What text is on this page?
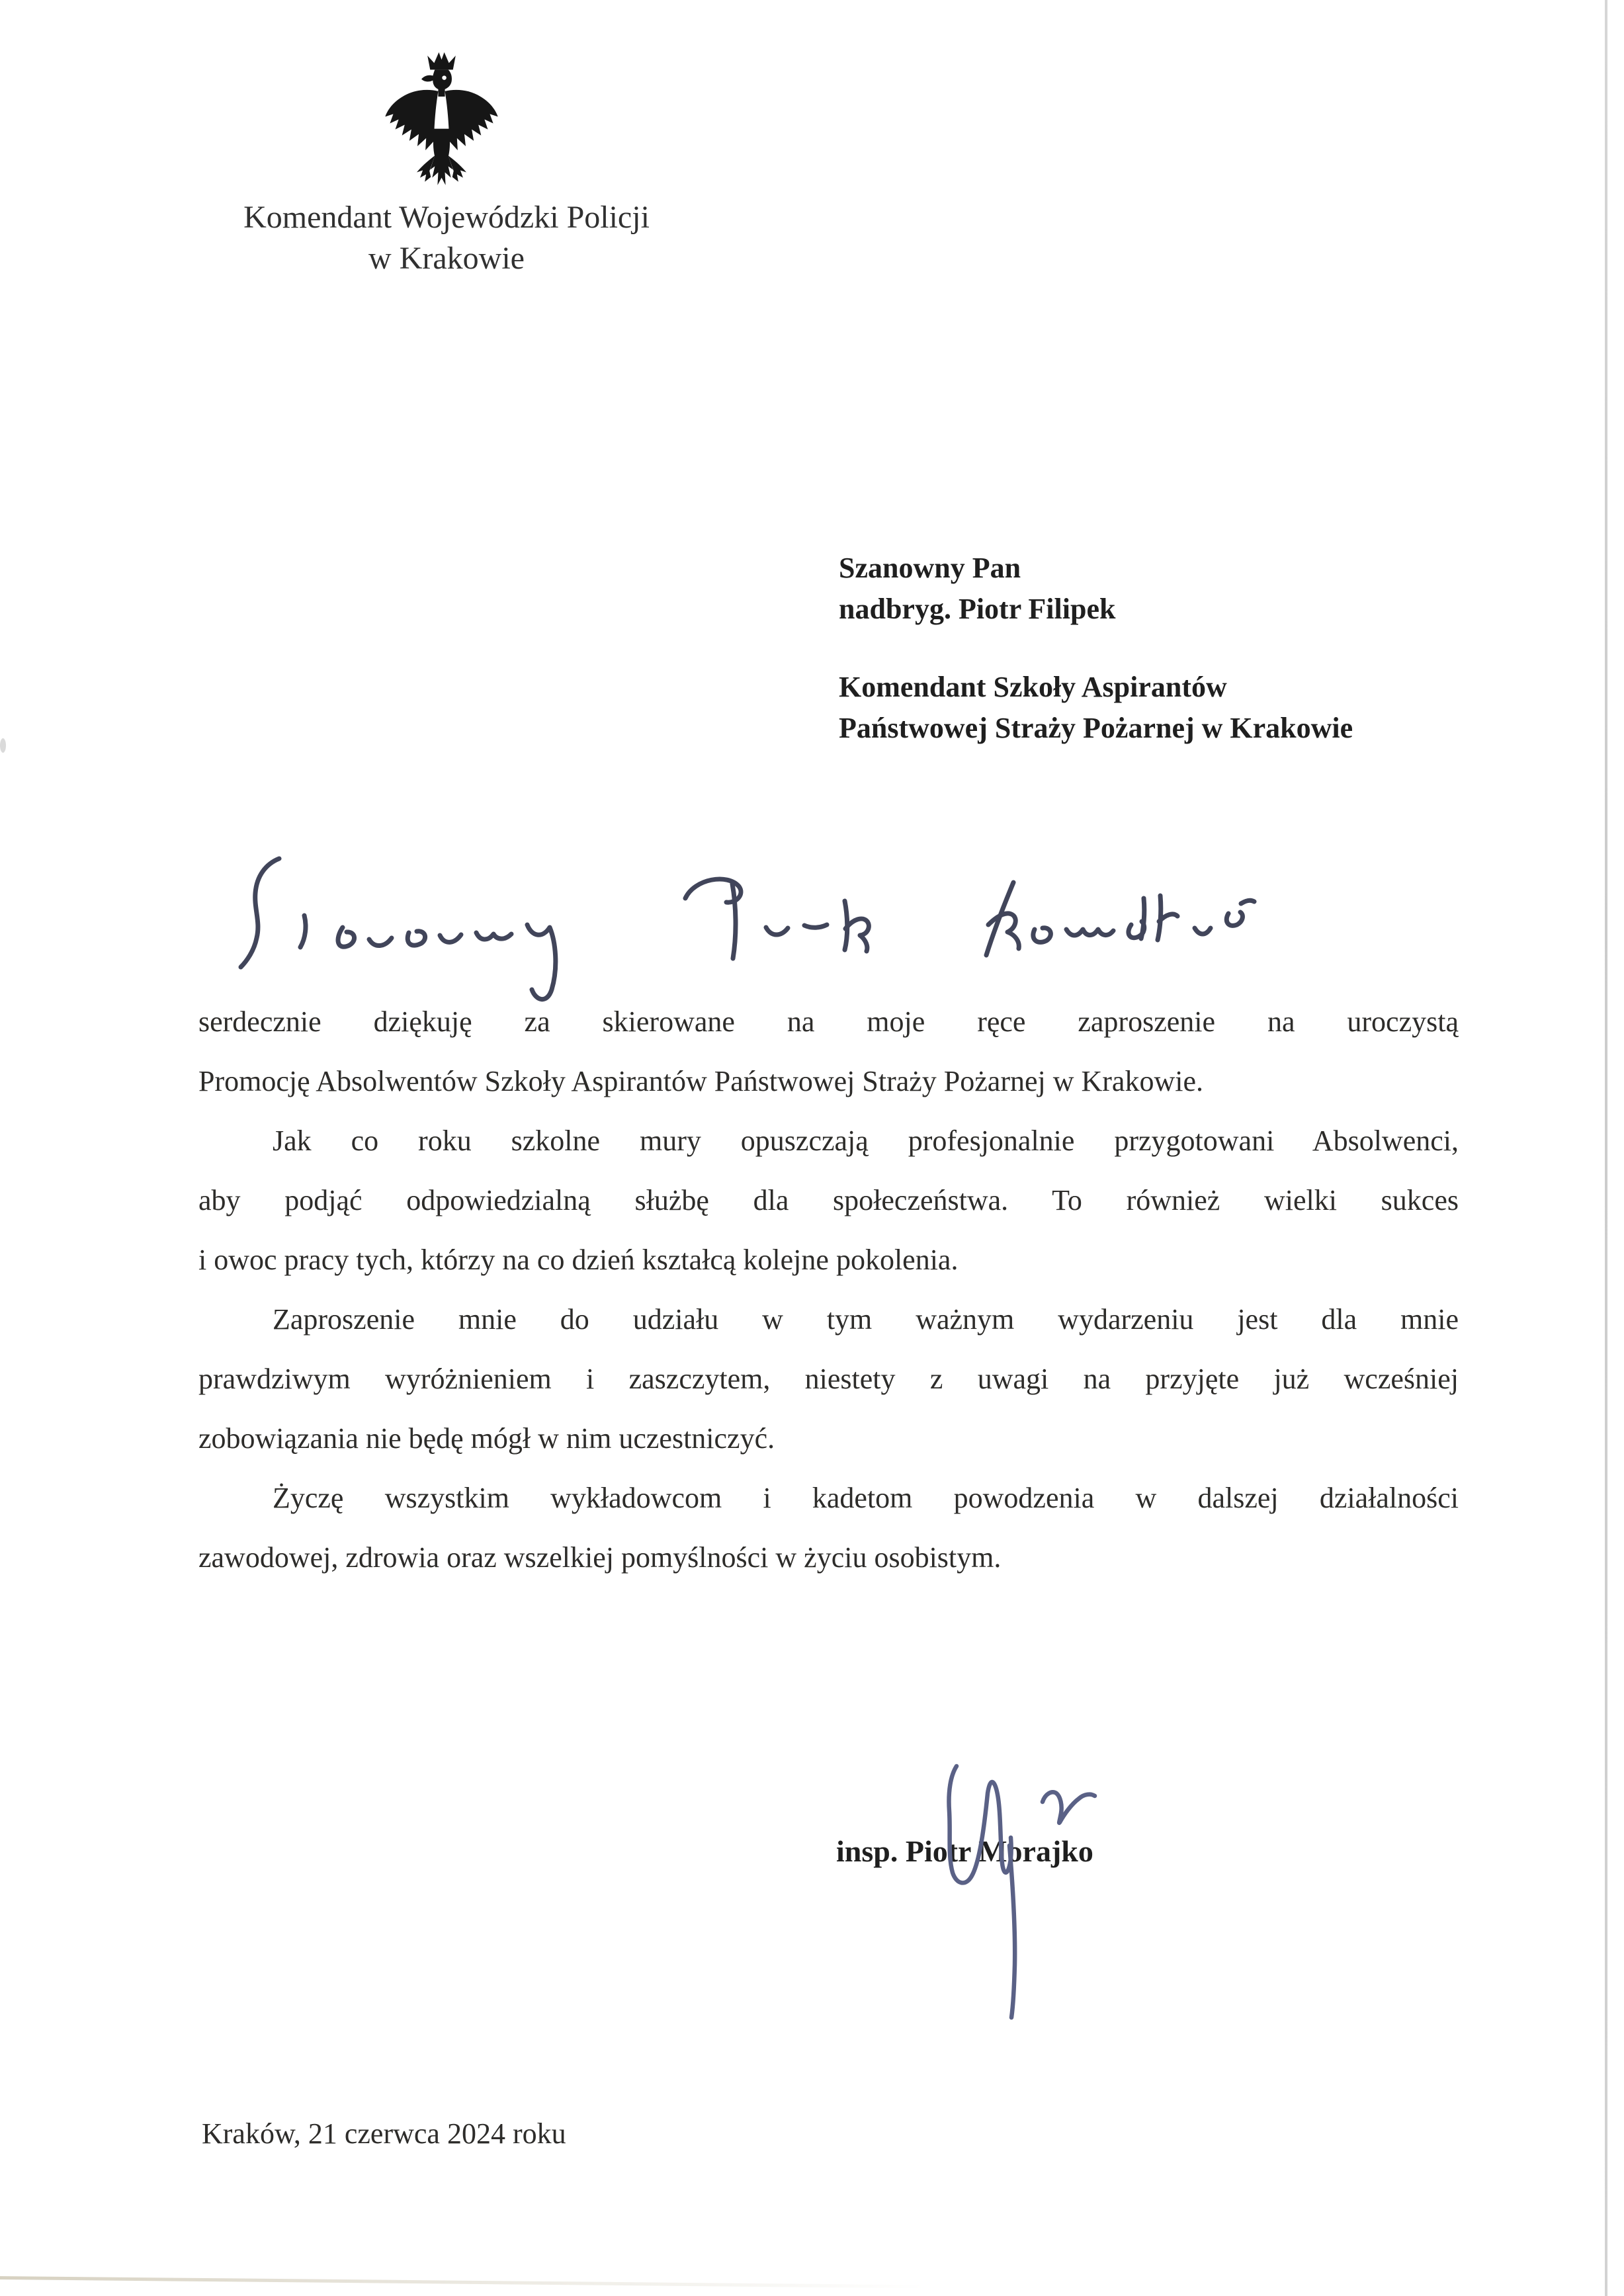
Komendant Wojewódzki Policji
w Krakowie
Szanowny Pan
nadbryg. Piotr Filipek
Komendant Szkoły Aspirantów
Państwowej Straży Pożarnej w Krakowie
serdecznie dziękuję za skierowane na moje ręce zaproszenie na uroczystą
Promocję Absolwentów Szkoły Aspirantów Państwowej Straży Pożarnej w Krakowie.
Jak co roku szkolne mury opuszczają profesjonalnie przygotowani Absolwenci,
aby podjąć odpowiedzialną służbę dla społeczeństwa. To również wielki sukces
i owoc pracy tych, którzy na co dzień kształcą kolejne pokolenia.
Zaproszenie mnie do udziału w tym ważnym wydarzeniu jest dla mnie
prawdziwym wyróżnieniem i zaszczytem, niestety z uwagi na przyjęte już wcześniej
zobowiązania nie będę mógł w nim uczestniczyć.
Życzę wszystkim wykładowcom i kadetom powodzenia w dalszej działalności
zawodowej, zdrowia oraz wszelkiej pomyślności w życiu osobistym.
insp. Piotr Morajko
Kraków, 21 czerwca 2024 roku
